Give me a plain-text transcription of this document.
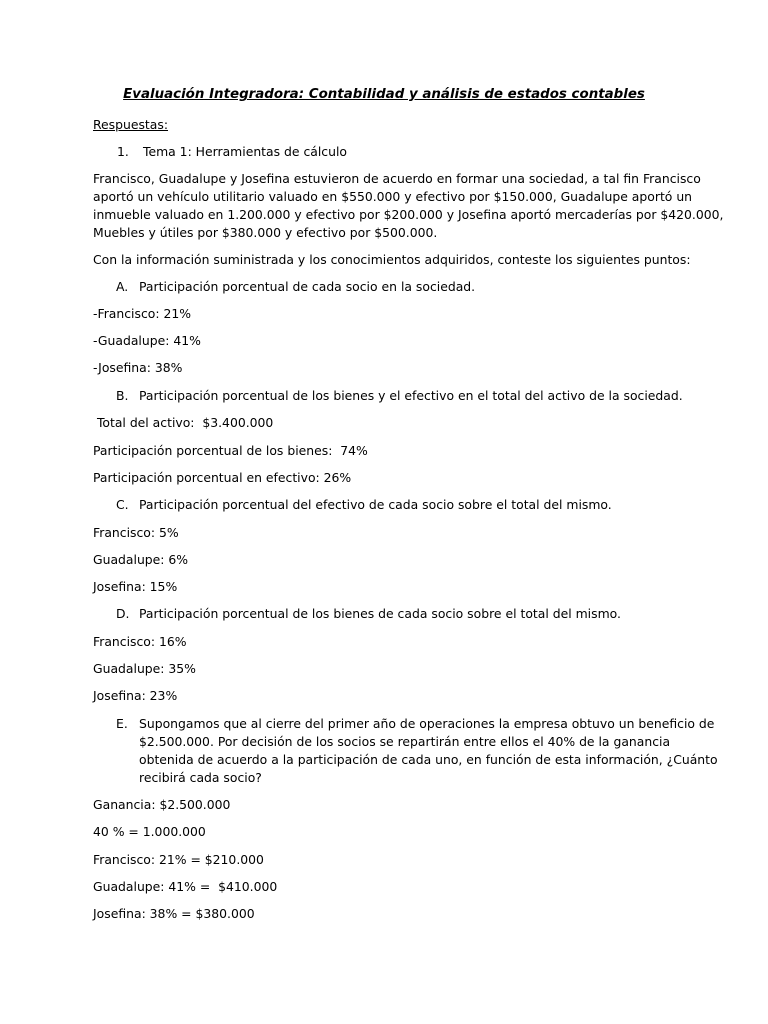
Evaluación Integradora: Contabilidad y análisis de estados contables
Respuestas:
1. Tema 1: Herramientas de cálculo
Francisco, Guadalupe y Josefina estuvieron de acuerdo en formar una sociedad, a tal fin Francisco
aportó un vehículo utilitario valuado en $550.000 y efectivo por $150.000, Guadalupe aportó un
inmueble valuado en 1.200.000 y efectivo por $200.000 y Josefina aportó mercaderías por $420.000,
Muebles y útiles por $380.000 y efectivo por $500.000.
Con la información suministrada y los conocimientos adquiridos, conteste los siguientes puntos:
A. Participación porcentual de cada socio en la sociedad.
-Francisco: 21%
-Guadalupe: 41%
-Josefina: 38%
B. Participación porcentual de los bienes y el efectivo en el total del activo de la sociedad.
Total del activo:  $3.400.000
Participación porcentual de los bienes:  74%
Participación porcentual en efectivo: 26%
C. Participación porcentual del efectivo de cada socio sobre el total del mismo.
Francisco: 5%
Guadalupe: 6%
Josefina: 15%
D. Participación porcentual de los bienes de cada socio sobre el total del mismo.
Francisco: 16%
Guadalupe: 35%
Josefina: 23%
E. Supongamos que al cierre del primer año de operaciones la empresa obtuvo un beneficio de
$2.500.000. Por decisión de los socios se repartirán entre ellos el 40% de la ganancia
obtenida de acuerdo a la participación de cada uno, en función de esta información, ¿Cuánto
recibirá cada socio?
Ganancia: $2.500.000
40 % = 1.000.000
Francisco: 21% = $210.000
Guadalupe: 41% =  $410.000
Josefina: 38% = $380.000
